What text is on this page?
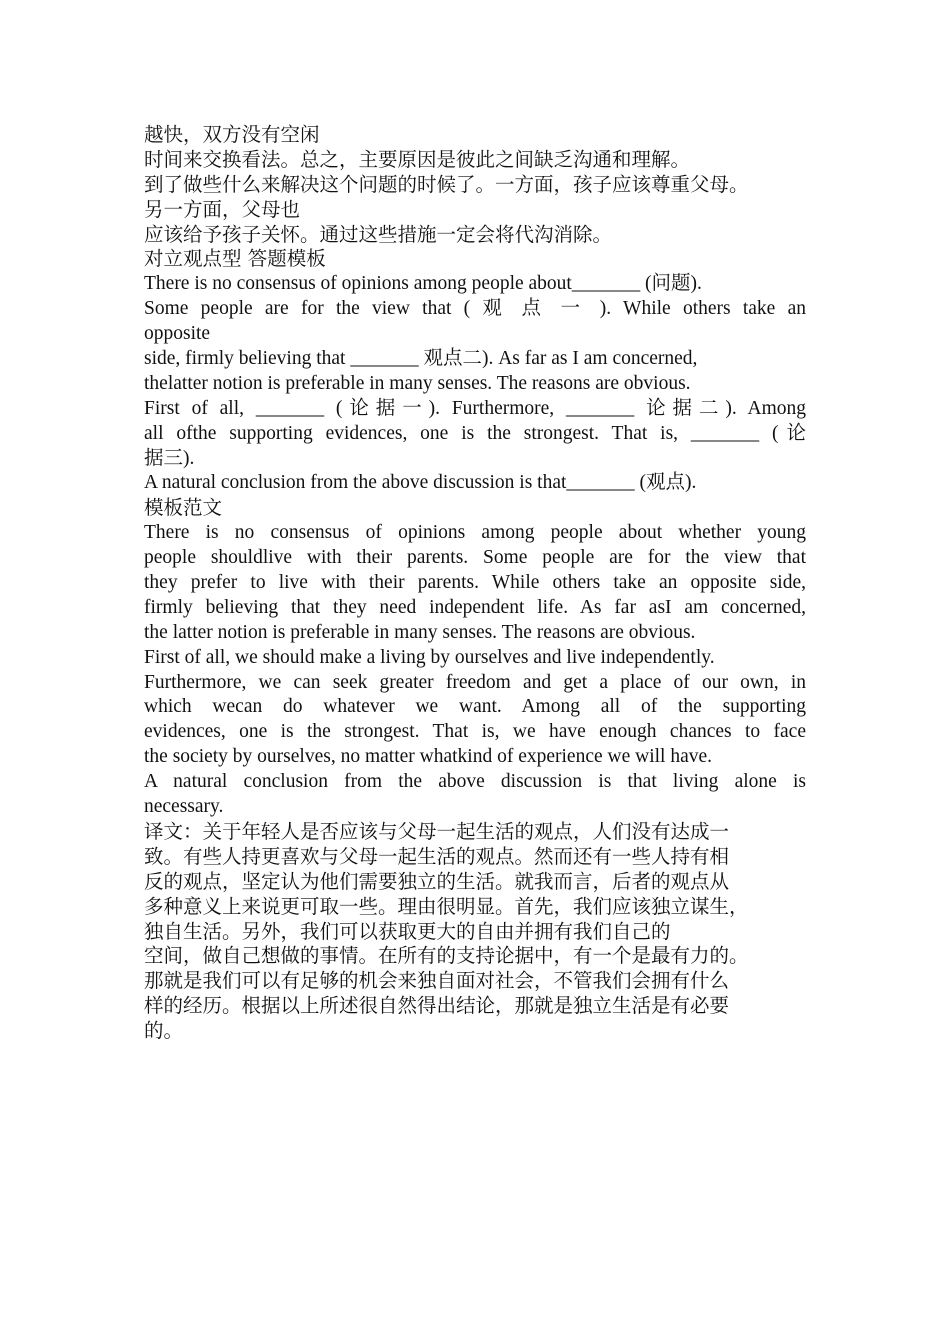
越快，双方没有空闲
时间来交换看法。总之，主要原因是彼此之间缺乏沟通和理解。
到了做些什么来解决这个问题的时候了。一方面，孩子应该尊重父母。
另一方面，父母也
应该给予孩子关怀。通过这些措施一定会将代沟消除。
对立观点型 答题模板
There is no consensus of opinions among people about_______ (问题).
Some people are for the view that ( 观 点 一 ). While others take an
opposite
side, firmly believing that _______ 观点二). As far as I am concerned,
thelatter notion is preferable in many senses. The reasons are obvious.
First of all, _______ (论据一). Furthermore, _______ 论据二). Among
all ofthe supporting evidences, one is the strongest. That is, _______ (论
据三).
A natural conclusion from the above discussion is that_______ (观点).
模板范文
There is no consensus of opinions among people about whether young
people shouldlive with their parents. Some people are for the view that
they prefer to live with their parents. While others take an opposite side,
firmly believing that they need independent life. As far asI am concerned,
the latter notion is preferable in many senses. The reasons are obvious.
First of all, we should make a living by ourselves and live independently.
Furthermore, we can seek greater freedom and get a place of our own, in
which wecan do whatever we want. Among all of the supporting
evidences, one is the strongest. That is, we have enough chances to face
the society by ourselves, no matter whatkind of experience we will have.
A natural conclusion from the above discussion is that living alone is
necessary.
译文：关于年轻人是否应该与父母一起生活的观点，人们没有达成一
致。有些人持更喜欢与父母一起生活的观点。然而还有一些人持有相
反的观点，坚定认为他们需要独立的生活。就我而言，后者的观点从
多种意义上来说更可取一些。理由很明显。首先，我们应该独立谋生，
独自生活。另外，我们可以获取更大的自由并拥有我们自己的
空间，做自己想做的事情。在所有的支持论据中，有一个是最有力的。
那就是我们可以有足够的机会来独自面对社会，不管我们会拥有什么
样的经历。根据以上所述很自然得出结论，那就是独立生活是有必要
的。
